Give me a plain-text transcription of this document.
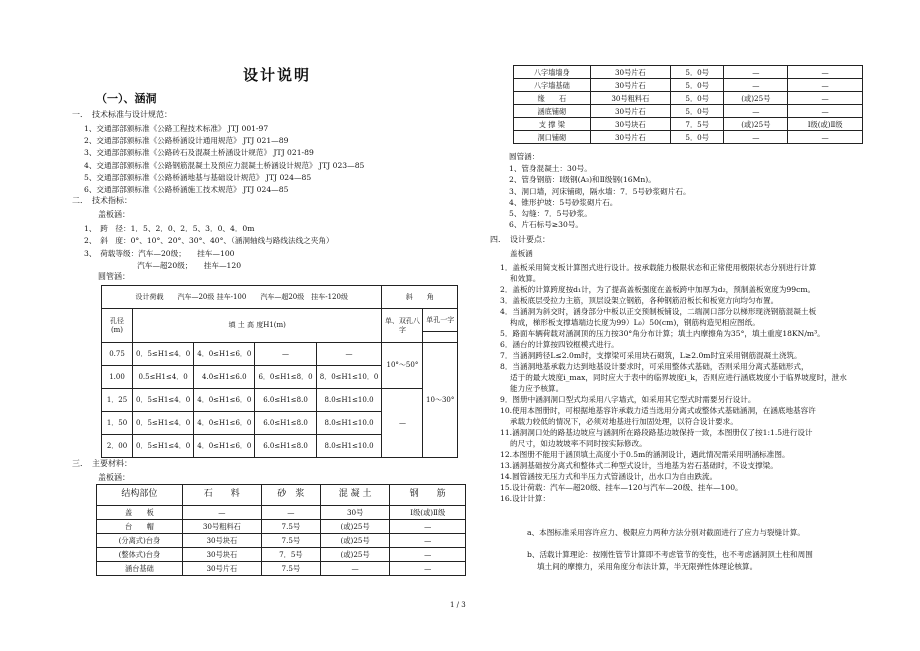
设计说明
（一）、涵洞
一．　技术标准与设计规范：
1、交通部部颁标准《公路工程技术标准》 JTJ 001-97
2、交通部部颁标准《公路桥涵设计通用规范》 JTJ 021—89
3、交通部部颁标准《公路砖石及混凝土桥涵设计规范》 JTJ 021-89
4、交通部部颁标准《公路钢筋混凝土及预应力混凝土桥涵设计规范》 JTJ 023—85
5、交通部部颁标准《公路桥涵地基与基础设计规范》 JTJ 024—85
6、交通部部颁标准《公路桥涵施工技术规范》 JTJ 024—85
二．　技术指标：
盖板涵：
1、　跨　径：1．5、2．0、2．5、3．0、4．0m
2、　斜　度：0°、10°、20°、30°、40°、（涵洞轴线与路线法线之夹角）
3、　荷载等级：汽车—20级；　　挂车—100
　　　　　　　汽车—超20级；　　挂车—120
圆管涵：
设计荷载　　汽车—20级 挂车-100　　汽车—超20级　挂车-120级					斜　　角	
孔径 (m)	填 土 高 度H1(m)				单、双孔八字	单孔一字

0.75	0．5≤H1≤4．0	4．0≤H1≤6．0	—	—	10°～50°	10～30°
1.00	0.5≤H1≤4．0	4.0≤H1≤6.0	6．0≤H1≤8．0	8．0≤H1≤10．0		
1．25	0．5≤H1≤4．0	4．0≤H1≤6．0	6.0≤H1≤8.0	8.0≤H1≤10.0	—	
1．50	0．5≤H1≤4．0	4．0≤H1≤6．0	6.0≤H1≤8.0	8.0≤H1≤10.0		
2．00	0．5≤H1≤4．0	4．0≤H1≤6．0	6.0≤H1≤8.0	8.0≤H1≤10.0		
三．　主要材料：
盖板涵：
结构部位	石　　料	砂　浆	混 凝 土	钢　　筋
盖　　板	—	—	30号	Ⅰ级(或)Ⅱ级
台　　帽	30号粗料石	7.5号	(或)25号	—
(分离式)台身	30号块石	7.5号	(或)25号	—
(整体式)台身	30号块石	7．5号	(或)25号	—
涵台基础	30号片石	7.5号	—	—
八字墙墙身	30号片石	5．0号	—	—
八字墙基础	30号片石	5．0号	—	—
缘　　石	30号粗料石	5．0号	(或)25号	—
涵底铺砌	30号片石	5．0号	—	—
支 撑 梁	30号块石	7．5号	(或)25号	Ⅰ级(或)Ⅱ级
洞口铺砌	30号片石	5．0号	—	—
圆管涵：
1、管身混凝土：30号。
2、管身钢筋：Ⅰ级钢(A₃)和Ⅱ级钢(16Mn)。
3、洞口墙，河床铺砌，隔水墙：7．5号砂浆砌片石。
4、锥形护坡：5号砂浆砌片石。
5、勾缝：7．5号砂浆。
6、片石标号≥30号。
四．　设计要点：
盖板涵
1．盖板采用简支板计算图式进行设计。按承载能力极限状态和正常使用极限状态分别进行计算
　 和效算。
2．盖板的计算跨度按d₁计，为了提高盖板强度在盖板跨中加厚为d₂，预制盖板宽度为99cm。
3．盖板底层受拉力主筋，顶层设架立钢筋，各种钢筋沿板长和板宽方向均匀布置。
4．当涵洞为斜交时，涵身部分中板以正交预制板铺设，二端洞口部分以梯形现浇钢筋混凝土板
　 构成，梯形板支撑墙端边长度为99）L₀）50(cm)，钢筋构造见相应图纸。
5．路面车辆荷载对涵洞顶的压力按30°角分布计算；填土内摩擦角为35°，填土重度18KN/m³。
6．涵台的计算按四铰框模式进行。
7．当涵洞跨径L≤2.0m时，支撑梁可采用块石砌筑，L≥2.0m时宜采用钢筋混凝土浇筑。
8．当涵洞地基承载力达到地基设计要求时，可采用整体式基础，否则采用分离式基础形式，
　 适于的最大坡度i_max，同时应大于表中的临界坡度i_k，否则应进行涵底坡度小于临界坡度时，泄水
　 能力应予核算。
9．图册中涵洞洞口型式均采用八字墙式，如采用其它型式时需要另行设计。
10.使用本图册时，可根据地基容许承载力适当选用分离式或整体式基础涵洞，在涵底地基容许
　 承载力较低的情况下，必须对地基进行加固处理，以符合设计要求。
11.涵洞洞口处的路基边坡应与涵洞所在路段路基边坡保持一致，本图册仅了按1:1.5进行设计
　 的尺寸，如边坡坡率不同时按实际修改。
12.本图册不能用于涵顶填土高度小于0.5m的涵洞设计，遇此情况需采用明涵标准图。
13.涵洞基础按分离式和整体式二种型式设计，当地基为岩石基础时，不设支撑梁。
14.圆管涵按无压力式和半压力式管涵设计，出水口为自由跌流。
15.设计荷载：汽车—超20级、挂车—120与汽车—20级、挂车—100。
16.设计计算：
a、本图标准采用容许应力、极限应力两种方法分别对截面进行了应力与裂缝计算。
b、活载计算理论：按刚性管节计算即不考虑管节的变性，也不考虑涵洞顶土柱和周围
填土间的摩擦力，采用角度分布法计算，半无限弹性体理论核算。
1 / 3
